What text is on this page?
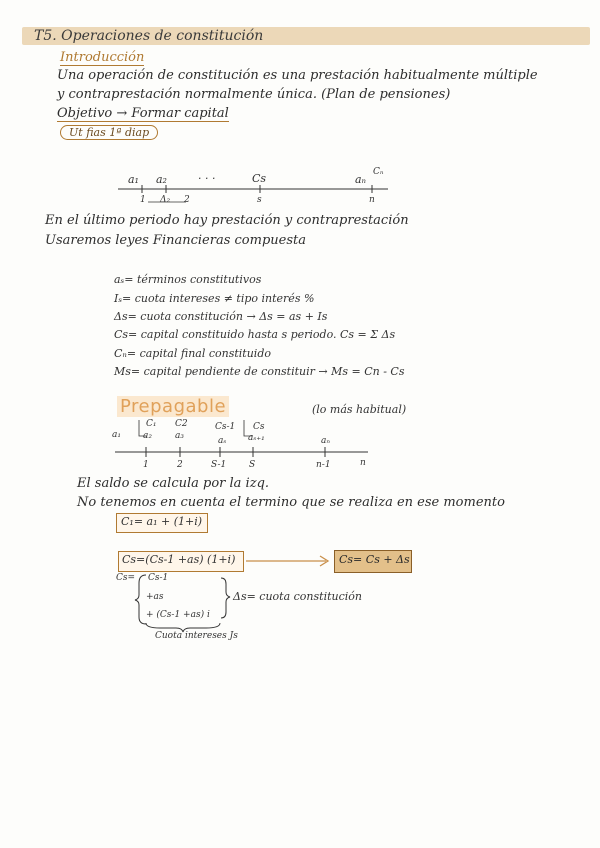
T5. Operaciones de constitución
Introducción
Una operación de constitución es una prestación habitualmente múltiple
y contraprestación normalmente única. (Plan de pensiones)
Objetivo → Formar capital
Ut fias 1ª diap
a₁ a₂	· · ·	Cs	aₙ
Cₙ
1 Δ₂ 2	s	n
En el último periodo hay prestación y contraprestación
Usaremos leyes Financieras compuesta
aₛ= términos constitutivos
Iₛ= cuota intereses ≠ tipo interés %
Δs= cuota constitución → Δs = as + Is
Cs= capital constituido hasta s periodo. Cs = Σ Δs
Cₙ= capital final constituido
Ms= capital pendiente de constituir → Ms = Cn - Cs
Prepagable	(lo más habitual)
a₁
C₁
a₂
C2
a₃
Cs-1
aₛ
Cs
aₛ₊₁	aₙ
1	2	S-1	S	n-1	n
El saldo se calcula por la izq.
No tenemos en cuenta el termino que se realiza en ese momento
C₁= a₁ + (1+i)
Cs=(Cs-1 +as) (1+i)	Cs= Cs + Δs
Cs= Cs-1
+as
+ (Cs-1 +as) i
Δs= cuota constitución
Cuota intereses Js
